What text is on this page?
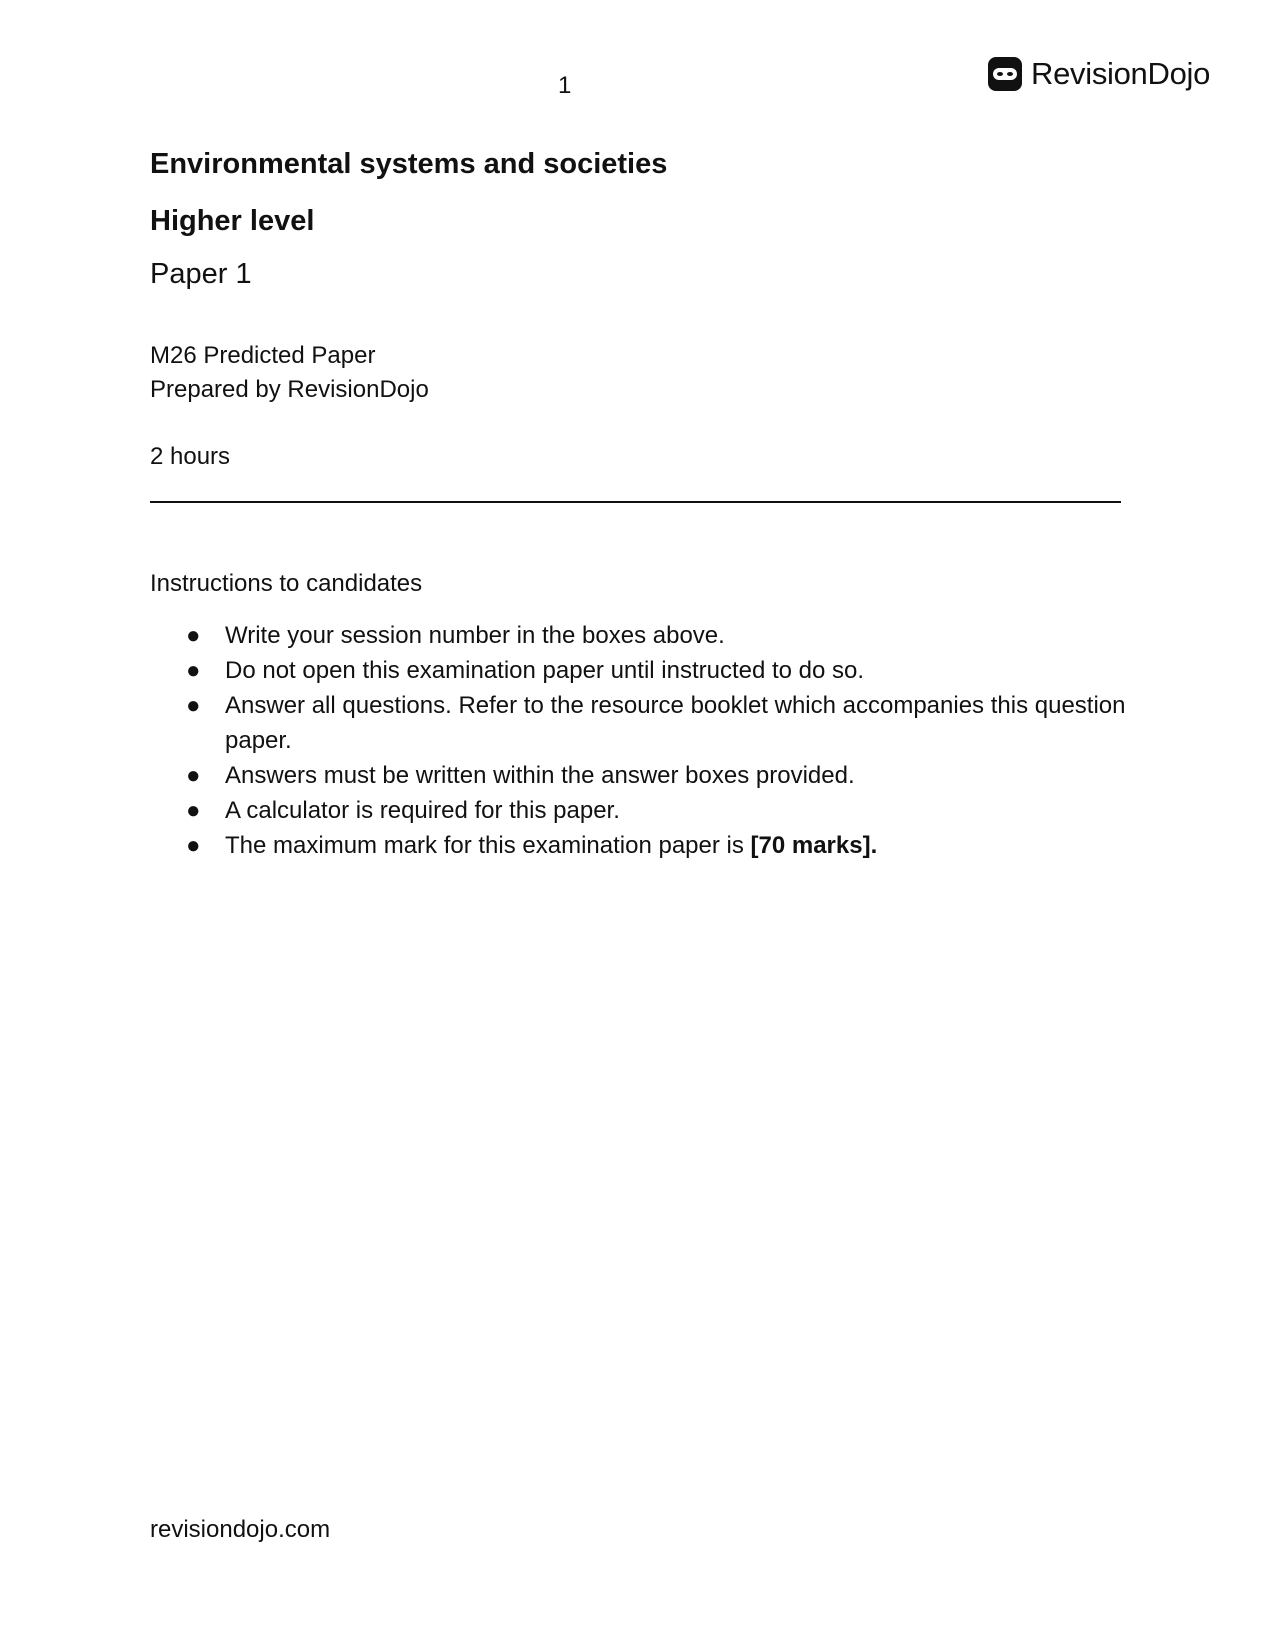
1	RevisionDojo
Environmental systems and societies
Higher level
Paper 1
M26 Predicted Paper
Prepared by RevisionDojo
2 hours
Instructions to candidates
● Write your session number in the boxes above.
● Do not open this examination paper until instructed to do so.
● Answer all questions. Refer to the resource booklet which accompanies this question paper.
● Answers must be written within the answer boxes provided.
● A calculator is required for this paper.
● The maximum mark for this examination paper is [70 marks].
revisiondojo.com
